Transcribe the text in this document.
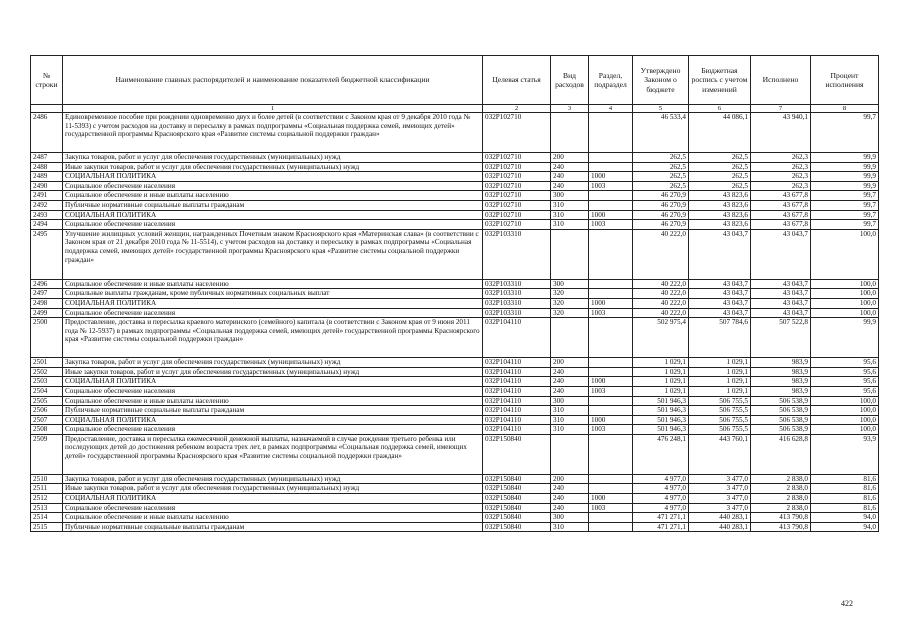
№ строки	Наименование главных распорядителей и наименование показателей бюджетной классификации	Целевая статья	Вид расходов	Раздел, подраздел	Утверждено Законом о бюджете	Бюджетная роспись с учетом изменений	Исполнено	Процент исполнения
	1	2	3	4	5	6	7	8
2486	Единовременное пособие при рождении одновременно двух и более детей (в соответствии с Законом края от 9 декабря 2010 года № 11-5393) с учетом расходов на доставку и пересылку в рамках подпрограммы «Социальная поддержка семей, имеющих детей» государственной программы Красноярского края «Развитие системы социальной поддержки граждан»	032Р102710			46 533,4	44 086,1	43 940,1	99,7
2487	Закупка товаров, работ и услуг для обеспечения государственных (муниципальных) нужд	032Р102710	200		262,5	262,5	262,3	99,9
2488	Иные закупки товаров, работ и услуг для обеспечения государственных (муниципальных) нужд	032Р102710	240		262,5	262,5	262,3	99,9
2489	СОЦИАЛЬНАЯ ПОЛИТИКА	032Р102710	240	1000	262,5	262,5	262,3	99,9
2490	Социальное обеспечение населения	032Р102710	240	1003	262,5	262,5	262,3	99,9
2491	Социальное обеспечение и иные выплаты населению	032Р102710	300		46 270,9	43 823,6	43 677,8	99,7
2492	Публичные нормативные социальные выплаты гражданам	032Р102710	310		46 270,9	43 823,6	43 677,8	99,7
2493	СОЦИАЛЬНАЯ ПОЛИТИКА	032Р102710	310	1000	46 270,9	43 823,6	43 677,8	99,7
2494	Социальное обеспечение населения	032Р102710	310	1003	46 270,9	43 823,6	43 677,8	99,7
2495	Улучшение жилищных условий женщин, награжденных Почетным знаком Красноярского края «Материнская слава» (в соответствии с Законом края от 21 декабря 2010 года № 11-5514), с учетом расходов на доставку и пересылку в рамках подпрограммы «Социальная поддержка семей, имеющих детей» государственной программы Красноярского края «Развитие системы социальной поддержки граждан»	032Р103310			40 222,0	43 043,7	43 043,7	100,0
2496	Социальное обеспечение и иные выплаты населению	032Р103310	300		40 222,0	43 043,7	43 043,7	100,0
2497	Социальные выплаты гражданам, кроме публичных нормативных социальных выплат	032Р103310	320		40 222,0	43 043,7	43 043,7	100,0
2498	СОЦИАЛЬНАЯ ПОЛИТИКА	032Р103310	320	1000	40 222,0	43 043,7	43 043,7	100,0
2499	Социальное обеспечение населения	032Р103310	320	1003	40 222,0	43 043,7	43 043,7	100,0
2500	Предоставление, доставка и пересылка краевого материнского (семейного) капитала (в соответствии с Законом края от 9 июня 2011 года № 12-5937) в рамках подпрограммы «Социальная поддержка семей, имеющих детей» государственной программы Красноярского края «Развитие системы социальной поддержки граждан»	032Р104110			502 975,4	507 784,6	507 522,8	99,9
2501	Закупка товаров, работ и услуг для обеспечения государственных (муниципальных) нужд	032Р104110	200		1 029,1	1 029,1	983,9	95,6
2502	Иные закупки товаров, работ и услуг для обеспечения государственных (муниципальных) нужд	032Р104110	240		1 029,1	1 029,1	983,9	95,6
2503	СОЦИАЛЬНАЯ ПОЛИТИКА	032Р104110	240	1000	1 029,1	1 029,1	983,9	95,6
2504	Социальное обеспечение населения	032Р104110	240	1003	1 029,1	1 029,1	983,9	95,6
2505	Социальное обеспечение и иные выплаты населению	032Р104110	300		501 946,3	506 755,5	506 538,9	100,0
2506	Публичные нормативные социальные выплаты гражданам	032Р104110	310		501 946,3	506 755,5	506 538,9	100,0
2507	СОЦИАЛЬНАЯ ПОЛИТИКА	032Р104110	310	1000	501 946,3	506 755,5	506 538,9	100,0
2508	Социальное обеспечение населения	032Р104110	310	1003	501 946,3	506 755,5	506 538,9	100,0
2509	Предоставление, доставка и пересылка ежемесячной денежной выплаты, назначаемой в случае рождения третьего ребенка или последующих детей до достижения ребенком возраста трех лет, в рамках подпрограммы «Социальная поддержка семей, имеющих детей» государственной программы Красноярского края «Развитие системы социальной поддержки граждан»	032Р150840			476 248,1	443 760,1	416 628,8	93,9
2510	Закупка товаров, работ и услуг для обеспечения государственных (муниципальных) нужд	032Р150840	200		4 977,0	3 477,0	2 838,0	81,6
2511	Иные закупки товаров, работ и услуг для обеспечения государственных (муниципальных) нужд	032Р150840	240		4 977,0	3 477,0	2 838,0	81,6
2512	СОЦИАЛЬНАЯ ПОЛИТИКА	032Р150840	240	1000	4 977,0	3 477,0	2 838,0	81,6
2513	Социальное обеспечение населения	032Р150840	240	1003	4 977,0	3 477,0	2 838,0	81,6
2514	Социальное обеспечение и иные выплаты населению	032Р150840	300		471 271,1	440 283,1	413 790,8	94,0
2515	Публичные нормативные социальные выплаты гражданам	032Р150840	310		471 271,1	440 283,1	413 790,8	94,0
422
